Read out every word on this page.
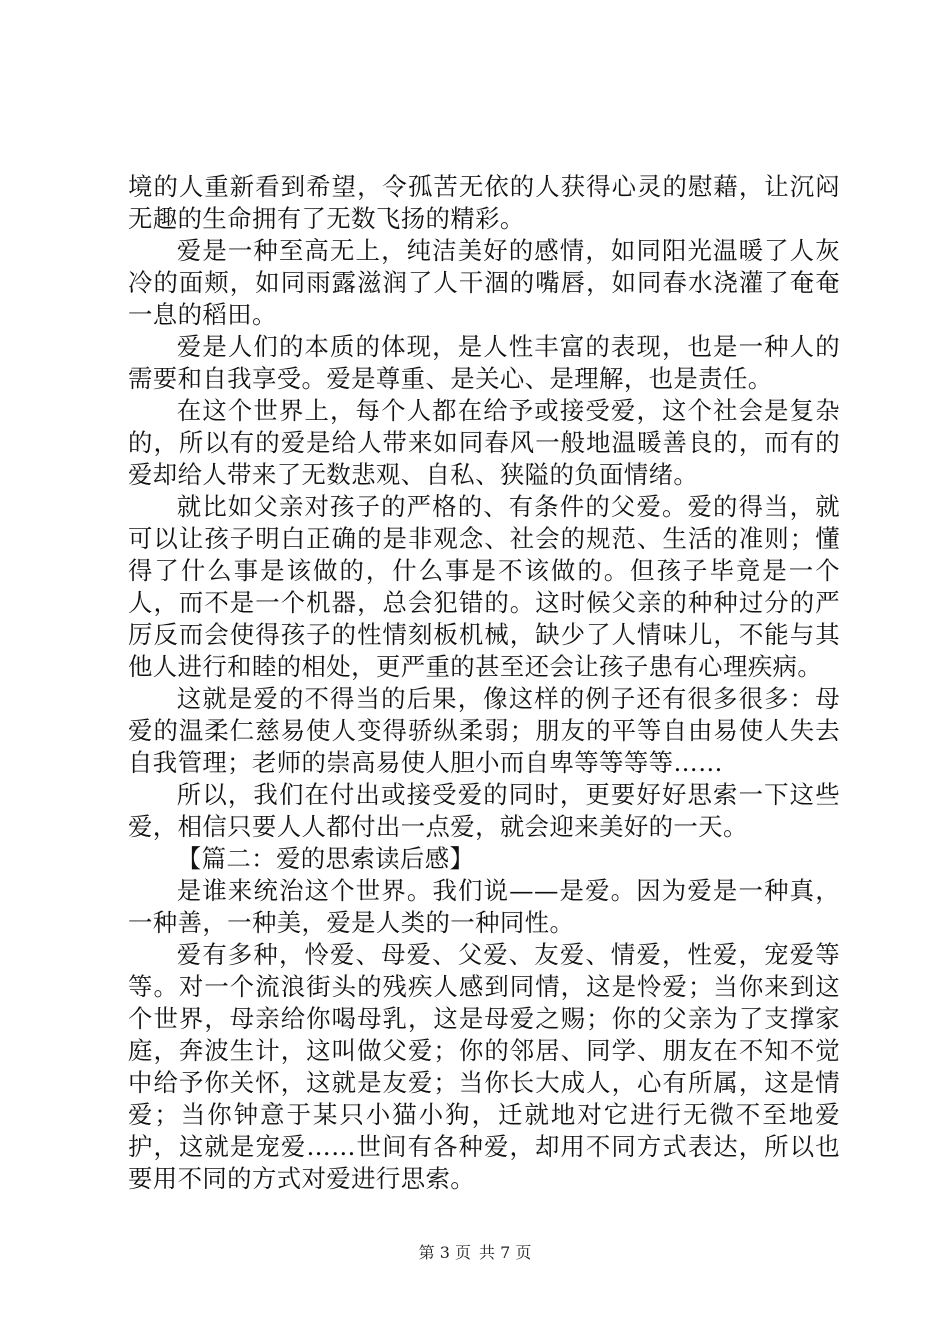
境的人重新看到希望，令孤苦无依的人获得心灵的慰藉，让沉闷无趣的生命拥有了无数飞扬的精彩。

爱是一种至高无上，纯洁美好的感情，如同阳光温暖了人灰冷的面颊，如同雨露滋润了人干涸的嘴唇，如同春水浇灌了奄奄一息的稻田。

爱是人们的本质的体现，是人性丰富的表现，也是一种人的需要和自我享受。爱是尊重、是关心、是理解，也是责任。

在这个世界上，每个人都在给予或接受爱，这个社会是复杂的，所以有的爱是给人带来如同春风一般地温暖善良的，而有的爱却给人带来了无数悲观、自私、狭隘的负面情绪。

就比如父亲对孩子的严格的、有条件的父爱。爱的得当，就可以让孩子明白正确的是非观念、社会的规范、生活的准则；懂得了什么事是该做的，什么事是不该做的。但孩子毕竟是一个人，而不是一个机器，总会犯错的。这时候父亲的种种过分的严厉反而会使得孩子的性情刻板机械，缺少了人情味儿，不能与其他人进行和睦的相处，更严重的甚至还会让孩子患有心理疾病。

这就是爱的不得当的后果，像这样的例子还有很多很多：母爱的温柔仁慈易使人变得骄纵柔弱；朋友的平等自由易使人失去自我管理；老师的崇高易使人胆小而自卑等等等等……

所以，我们在付出或接受爱的同时，更要好好思索一下这些爱，相信只要人人都付出一点爱，就会迎来美好的一天。

【篇二：爱的思索读后感】

是谁来统治这个世界。我们说——是爱。因为爱是一种真，一种善，一种美，爱是人类的一种同性。

爱有多种，怜爱、母爱、父爱、友爱、情爱，性爱，宠爱等等。对一个流浪街头的残疾人感到同情，这是怜爱；当你来到这个世界，母亲给你喝母乳，这是母爱之赐；你的父亲为了支撑家庭，奔波生计，这叫做父爱；你的邻居、同学、朋友在不知不觉中给予你关怀，这就是友爱；当你长大成人，心有所属，这是情爱；当你钟意于某只小猫小狗，迁就地对它进行无微不至地爱护，这就是宠爱……世间有各种爱，却用不同方式表达，所以也要用不同的方式对爱进行思索。

第 3 页 共 7 页
